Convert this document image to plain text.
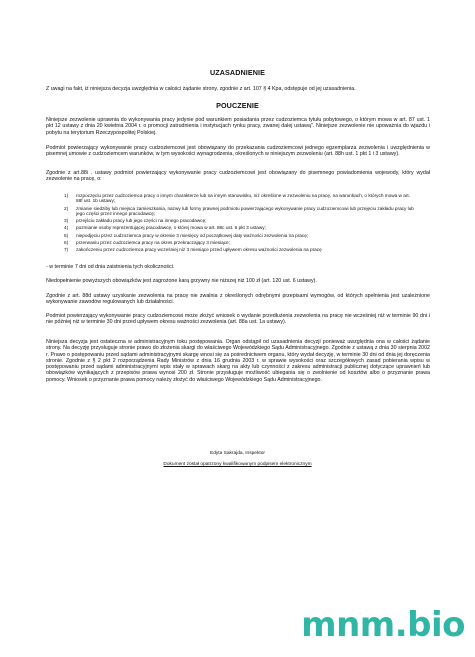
UZASADNIENIE
Z uwagi na fakt, iż niniejsza decyzja uwzględnia w całości żądanie strony, zgodnie z art. 107 § 4 Kpa, odstępuje od jej uzasadnienia.
POUCZENIE
Niniejsze zezwolenie uprawnia do wykonywania pracy jedynie pod warunkiem posiadania przez cudzoziemca tytułu pobytowego, o którym mowa w art. 87 ust. 1 pkt 12 ustawy z dnia 20 kwietnia 2004 r. o promocji zatrudnienia i instytucjach rynku pracy, zwanej dalej ustawą". Niniejsze zezwolenie nie upoważnia do wjazdu i pobytu na terytorium Rzeczypospolitej Polskiej.
Podmiot powierzający wykonywanie pracy cudzoziemcowi jest obowiązany do przekazania cudzoziemcowi jednego egzemplarza zezwolenia i uwzględnienia w pisemnej umowie z cudzoziemcem warunków, w tym wysokości wynagrodzenia, określonych w niniejszym zezwoleniu (art. 88h ust. 1 pkt 1 i 3 ustawy).
Zgodnie z art.88i . ustawy podmiot powierzający wykonywanie pracy cudzoziemcowi jest obowiązany do pisemnego powiadomienia wojewody, który wydał zezwolenie na pracę, o:
1) rozpoczęciu przez cudzoziemca pracy o innym charakterze lub na innym stanowisku, niż określone w zezwoleniu na pracę, na warunkach, o których mowa w art. 88f ust. 1b ustawy;
2) zmianie siedziby lub miejsca zamieszkania, nazwy lub formy prawnej podmiotu powierzającego wykonywanie pracy cudzoziemcowi lub przejęciu zakładu pracy lub jego części przez innego pracodawcę;
3) przejściu zakładu pracy lub jego części na innego pracodawcę;
4) pozmianie osoby reprezentującej pracodawcę, o której mowa w art. 88c ust. 6 pkt 3 ustawy;
5) niepodjęciu przez cudzoziemca pracy w okresie 3 miesięcy od początkowej daty ważności zezwolenia na pracę;
6) przerwaniu przez cudzoziemca pracy na okres przekraczający 3 miesiące;
7) zakończeniu przez cudzoziemca pracy wcześniej niż 3 miesiące przed upływem okresu ważności zezwolenia na pracę
- w terminie 7 dni od dnia zaistnienia tych okoliczności.
Niedopełnienie powyższych obowiązków jest zagrożone karą grzywny nie niższej niż 100 zł (art. 120 ust. 6 ustawy).
Zgodnie z art. 88d ustawy uzyskanie zezwolenia na pracę nie zwalnia z określonych odrębnymi przepisami wymogów, od których spełnienia jest uzależnione wykonywanie zawodów regulowanych lub działalności.
Podmiot powierzający wykonywanie pracy cudzoziemcowi może złożyć wniosek o wydanie przedłużenia zezwolenia na pracę nie wcześniej niż w terminie 90 dni i nie później niż w terminie 30 dni przed upływem okresu ważności zezwolenia (art. 88a ust. 1a ustawy).
Niniejsza decyzja jest ostateczna w administracyjnym toku postępowania. Organ odstąpił od uzasadnienia decyzji ponieważ uwzględnia ona w całości żądanie strony. Na decyzję przysługuje stronie prawo do złożenia skargi do właściwego Wojewódzkiego Sądu Administracyjnego. Zgodnie z ustawą z dnia 30 sierpnia 2002 r. Prawo o postępowaniu przed sądami administracyjnymi skargę wnosi się za pośrednictwem organu, który wydał decyzję, w terminie 30 dni od dnia jej doręczenia stronie. Zgodnie z § 2 pkt 2 rozporządzenia Rady Ministrów z dnia 16 grudnia 2003 r. w sprawie wysokości oraz szczegółowych zasad pobierania wpisu w postępowaniu przed sądami administracyjnymi wpis stały w sprawach skarg na akty lub czynności z zakresu administracji publicznej dotyczące uprawnień lub obowiązków wynikających z przepisów prawa wynosi 200 zł. Stronie przysługuje możliwość ubiegania się o zwolnienie od kosztów albo o przyznanie prawa pomocy. Wniosek o przyznanie prawa pomocy należy złożyć do właściwego Wojewódzkiego Sądu Administracyjnego.
Edyta Sakrajda, Inspektor
Dokument został opatrzony kwalifikowanym podpisem elektronicznym
mnm.bio
